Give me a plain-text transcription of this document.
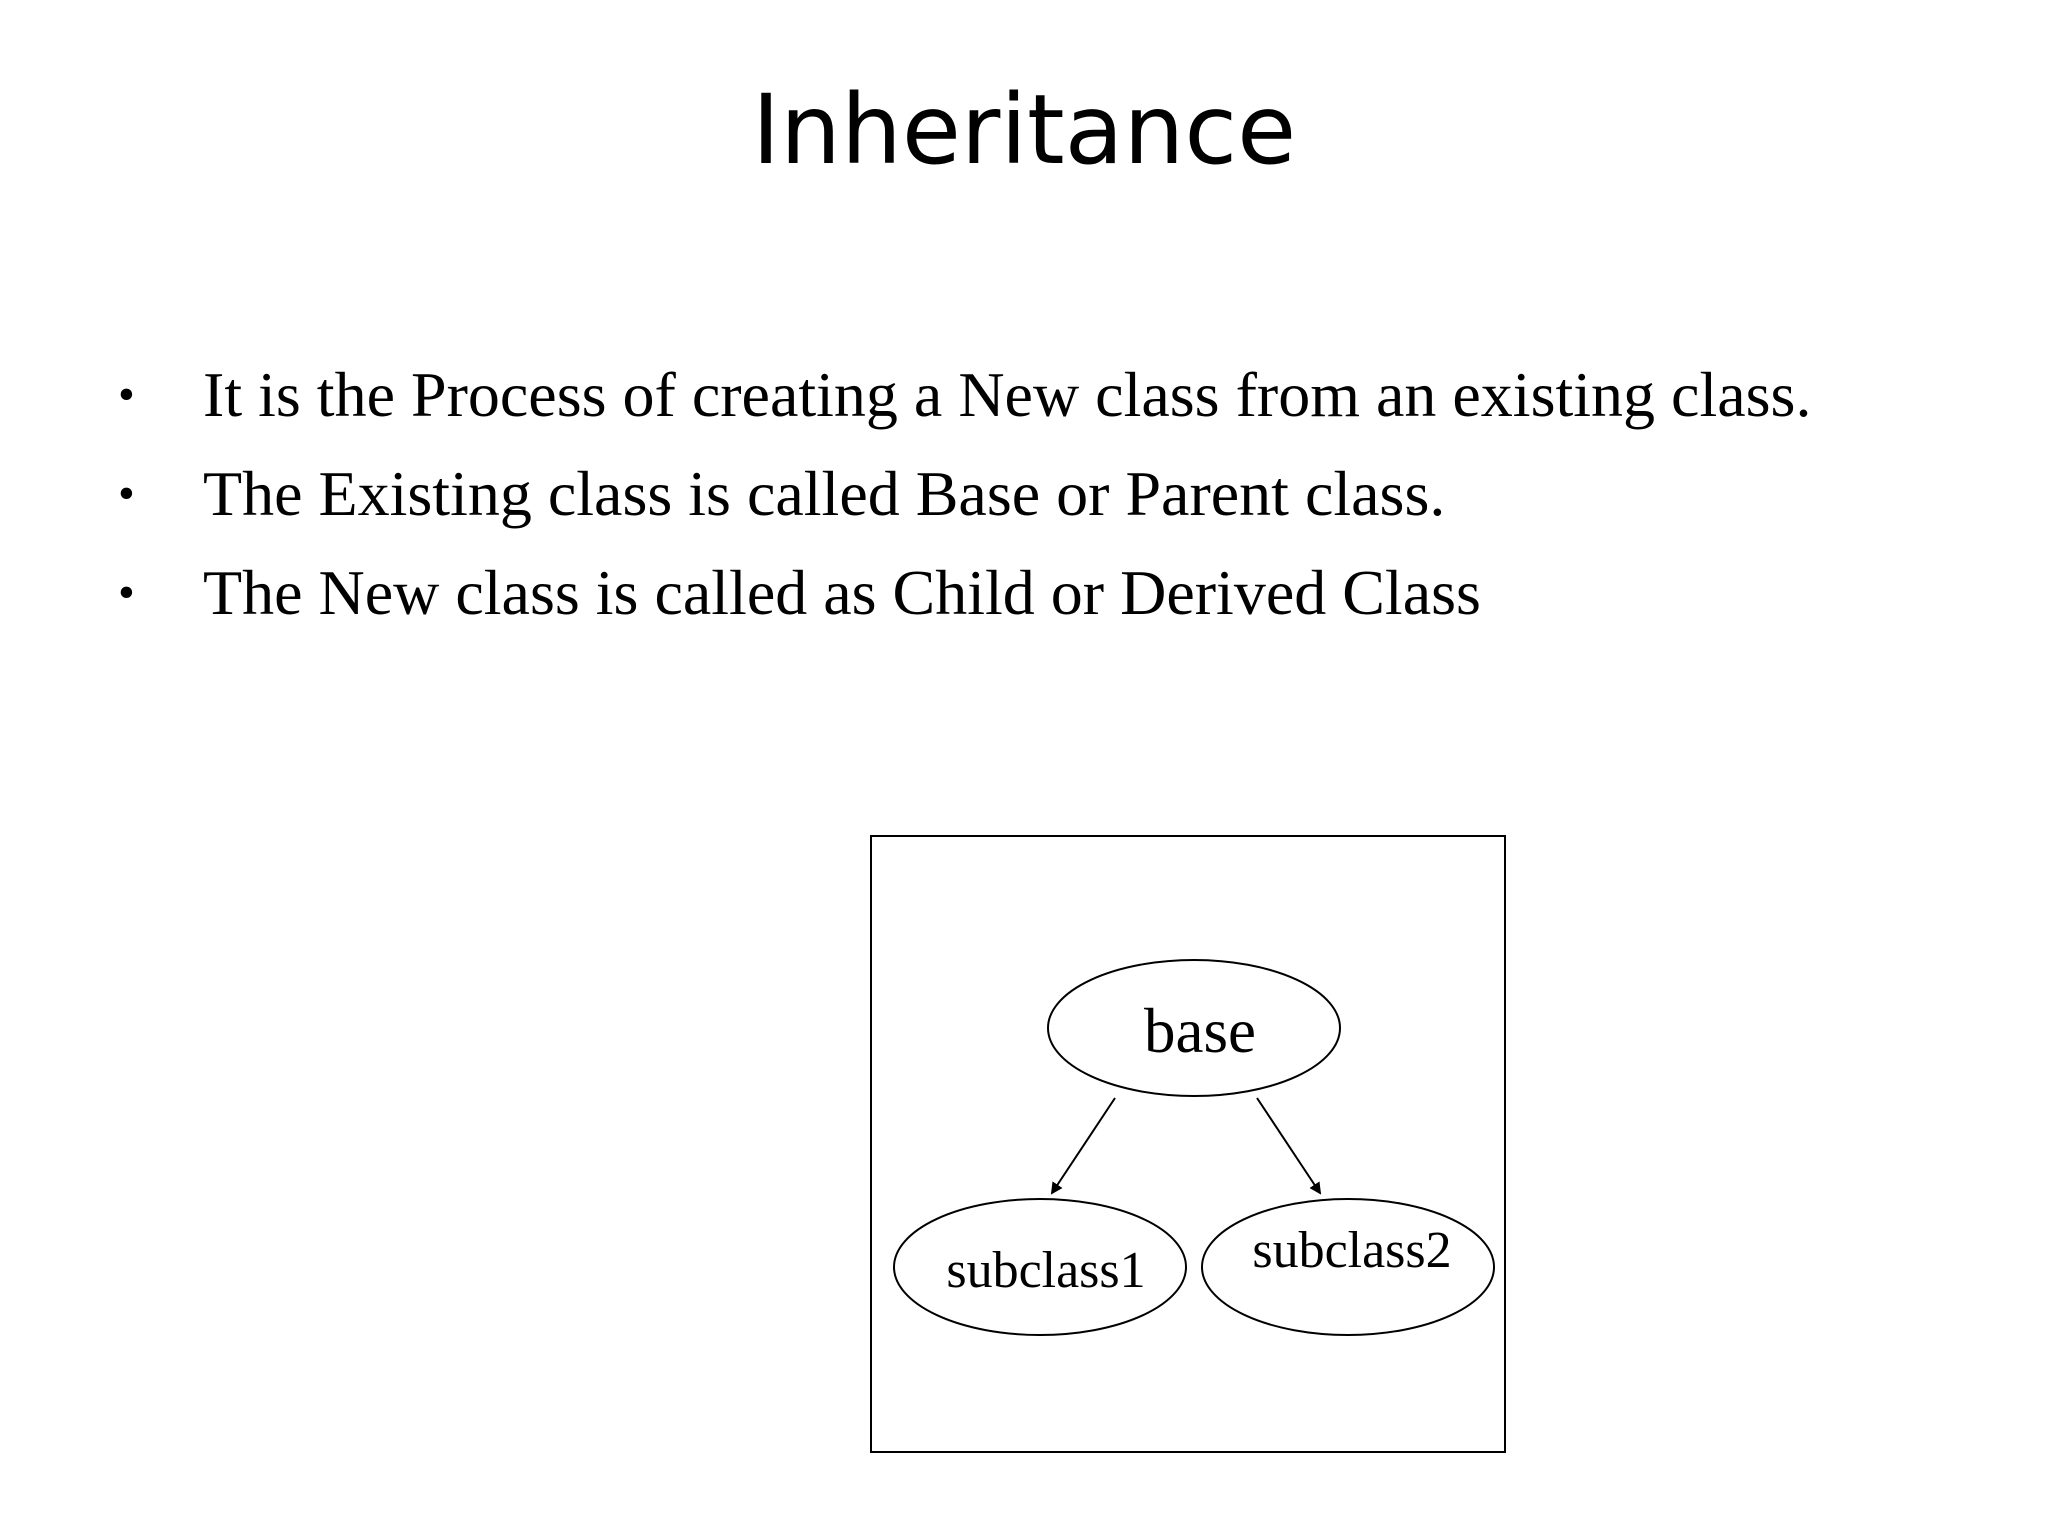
Inheritance
• It is the Process of creating a New class from an existing class.
• The Existing class is called Base or Parent class.
• The New class is called as Child or Derived Class
base
subclass1 subclass2
